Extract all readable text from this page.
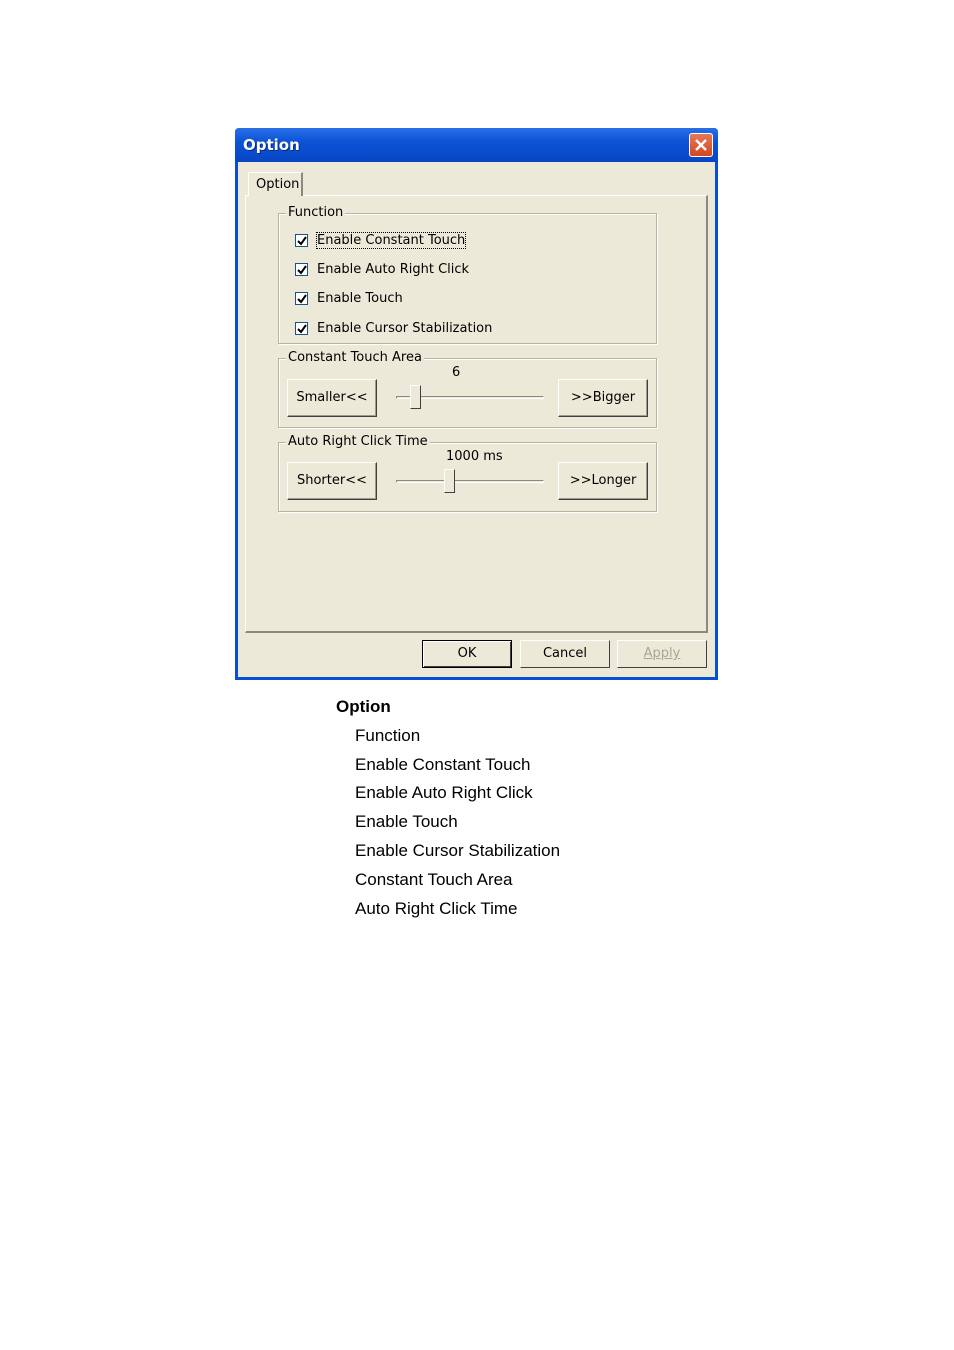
Option
Option
Function
Enable Constant Touch
Enable Auto Right Click
Enable Touch
Enable Cursor Stabilization
Constant Touch Area
Smaller<<
6
>>Bigger
Auto Right Click Time
Shorter<<
1000 ms
>>Longer
OK	Cancel	Apply
Option
Function
Enable Constant Touch
Enable Auto Right Click
Enable Touch
Enable Cursor Stabilization
Constant Touch Area
Auto Right Click Time
